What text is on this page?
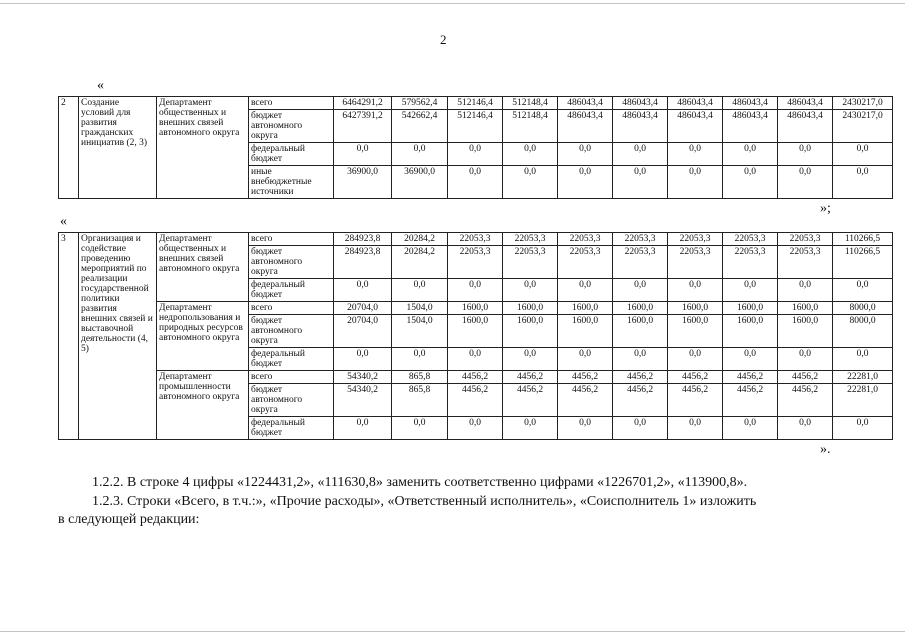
2
«
2	Создание условий для развития гражданских инициатив (2, 3)	Департамент общественных и внешних связей автономного округа	всего	6464291,2	579562,4	512146,4	512148,4	486043,4	486043,4	486043,4	486043,4	486043,4	2430217,0
			бюджет автономного округа	6427391,2	542662,4	512146,4	512148,4	486043,4	486043,4	486043,4	486043,4	486043,4	2430217,0
			федеральный бюджет	0,0	0,0	0,0	0,0	0,0	0,0	0,0	0,0	0,0	0,0
			иные внебюджетные источники	36900,0	36900,0	0,0	0,0	0,0	0,0	0,0	0,0	0,0	0,0
»;
«
3	Организация и содействие проведению мероприятий по реализации государственной политики развития внешних связей и выставочной деятельности (4, 5)	Департамент общественных и внешних связей автономного округа	всего	284923,8	20284,2	22053,3	22053,3	22053,3	22053,3	22053,3	22053,3	22053,3	110266,5
			бюджет автономного округа	284923,8	20284,2	22053,3	22053,3	22053,3	22053,3	22053,3	22053,3	22053,3	110266,5
			федеральный бюджет	0,0	0,0	0,0	0,0	0,0	0,0	0,0	0,0	0,0	0,0
		Департамент недропользования и природных ресурсов автономного округа	всего	20704,0	1504,0	1600,0	1600,0	1600,0	1600,0	1600,0	1600,0	1600,0	8000,0
			бюджет автономного округа	20704,0	1504,0	1600,0	1600,0	1600,0	1600,0	1600,0	1600,0	1600,0	8000,0
			федеральный бюджет	0,0	0,0	0,0	0,0	0,0	0,0	0,0	0,0	0,0	0,0
		Департамент промышленности автономного округа	всего	54340,2	865,8	4456,2	4456,2	4456,2	4456,2	4456,2	4456,2	4456,2	22281,0
			бюджет автономного округа	54340,2	865,8	4456,2	4456,2	4456,2	4456,2	4456,2	4456,2	4456,2	22281,0
			федеральный бюджет	0,0	0,0	0,0	0,0	0,0	0,0	0,0	0,0	0,0	0,0
».
1.2.2. В строке 4 цифры «1224431,2», «111630,8» заменить соответственно цифрами «1226701,2», «113900,8».
1.2.3. Строки «Всего, в т.ч.:», «Прочие расходы», «Ответственный исполнитель», «Соисполнитель 1» изложить
в следующей редакции:
